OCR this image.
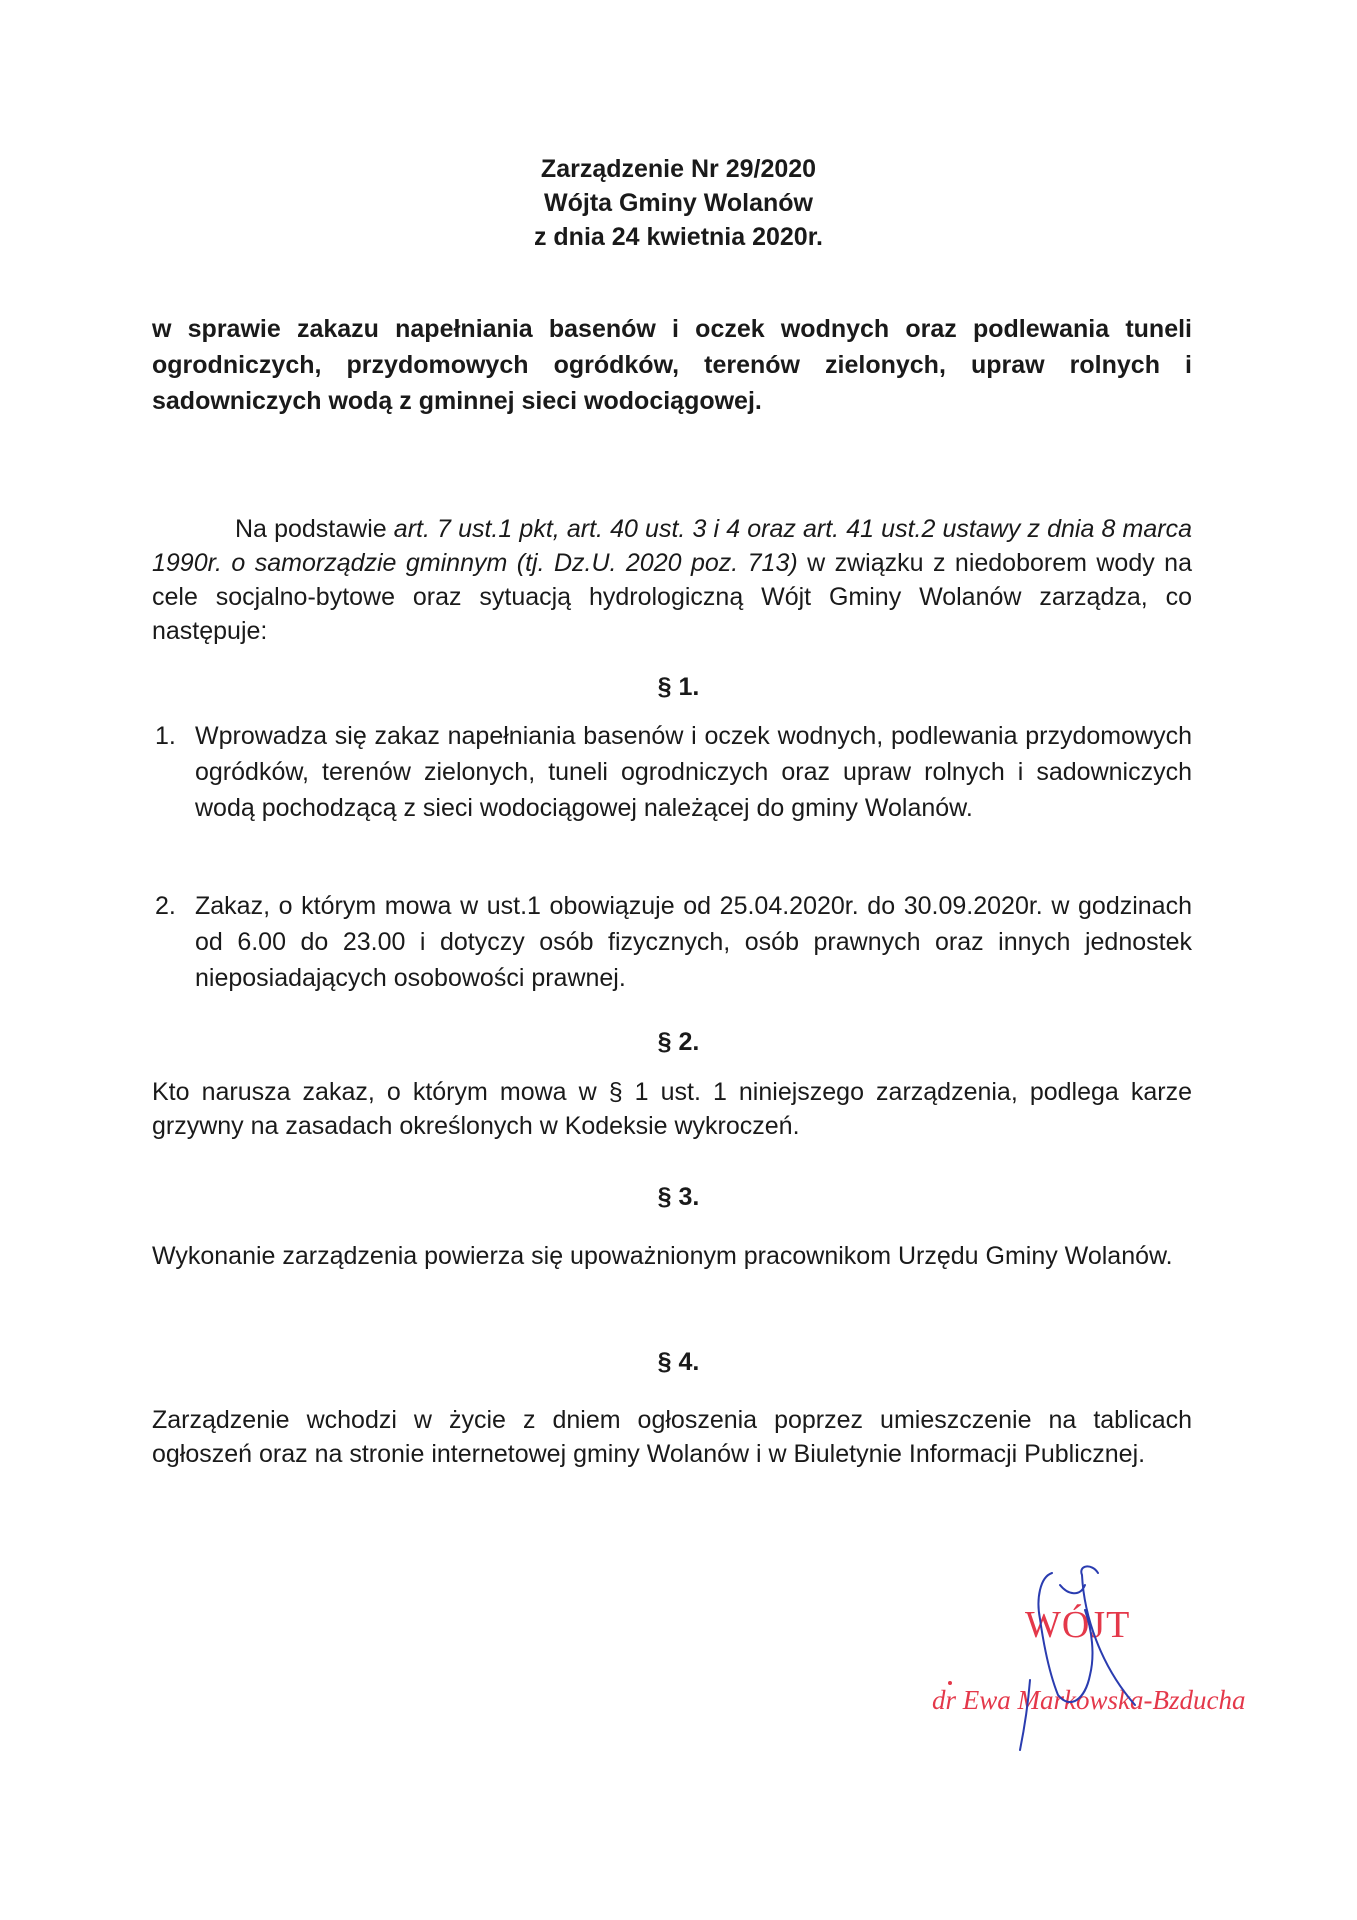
Zarządzenie Nr 29/2020
Wójta Gminy Wolanów
z dnia 24 kwietnia 2020r.
w sprawie zakazu napełniania basenów i oczek wodnych oraz podlewania tuneli ogrodniczych, przydomowych ogródków, terenów zielonych, upraw rolnych i sadowniczych wodą z gminnej sieci wodociągowej.
Na podstawie art. 7 ust.1 pkt, art. 40 ust. 3 i 4 oraz art. 41 ust.2 ustawy z dnia 8 marca 1990r. o samorządzie gminnym (tj. Dz.U. 2020 poz. 713) w związku z niedoborem wody na cele socjalno-bytowe oraz sytuacją hydrologiczną Wójt Gminy Wolanów zarządza, co następuje:
§ 1.
1. Wprowadza się zakaz napełniania basenów i oczek wodnych, podlewania przydomowych ogródków, terenów zielonych, tuneli ogrodniczych oraz upraw rolnych i sadowniczych wodą pochodzącą z sieci wodociągowej należącej do gminy Wolanów.
2. Zakaz, o którym mowa w ust.1 obowiązuje od 25.04.2020r. do 30.09.2020r. w godzinach od 6.00 do 23.00 i dotyczy osób fizycznych, osób prawnych oraz innych jednostek nieposiadających osobowości prawnej.
§ 2.
Kto narusza zakaz, o którym mowa w § 1 ust. 1 niniejszego zarządzenia, podlega karze grzywny na zasadach określonych w Kodeksie wykroczeń.
§ 3.
Wykonanie zarządzenia powierza się upoważnionym pracownikom Urzędu Gminy Wolanów.
§ 4.
Zarządzenie wchodzi w życie z dniem ogłoszenia poprzez umieszczenie na tablicach ogłoszeń oraz na stronie internetowej gminy Wolanów i w Biuletynie Informacji Publicznej.
WÓJT
dr Ewa Markowska-Bzducha
